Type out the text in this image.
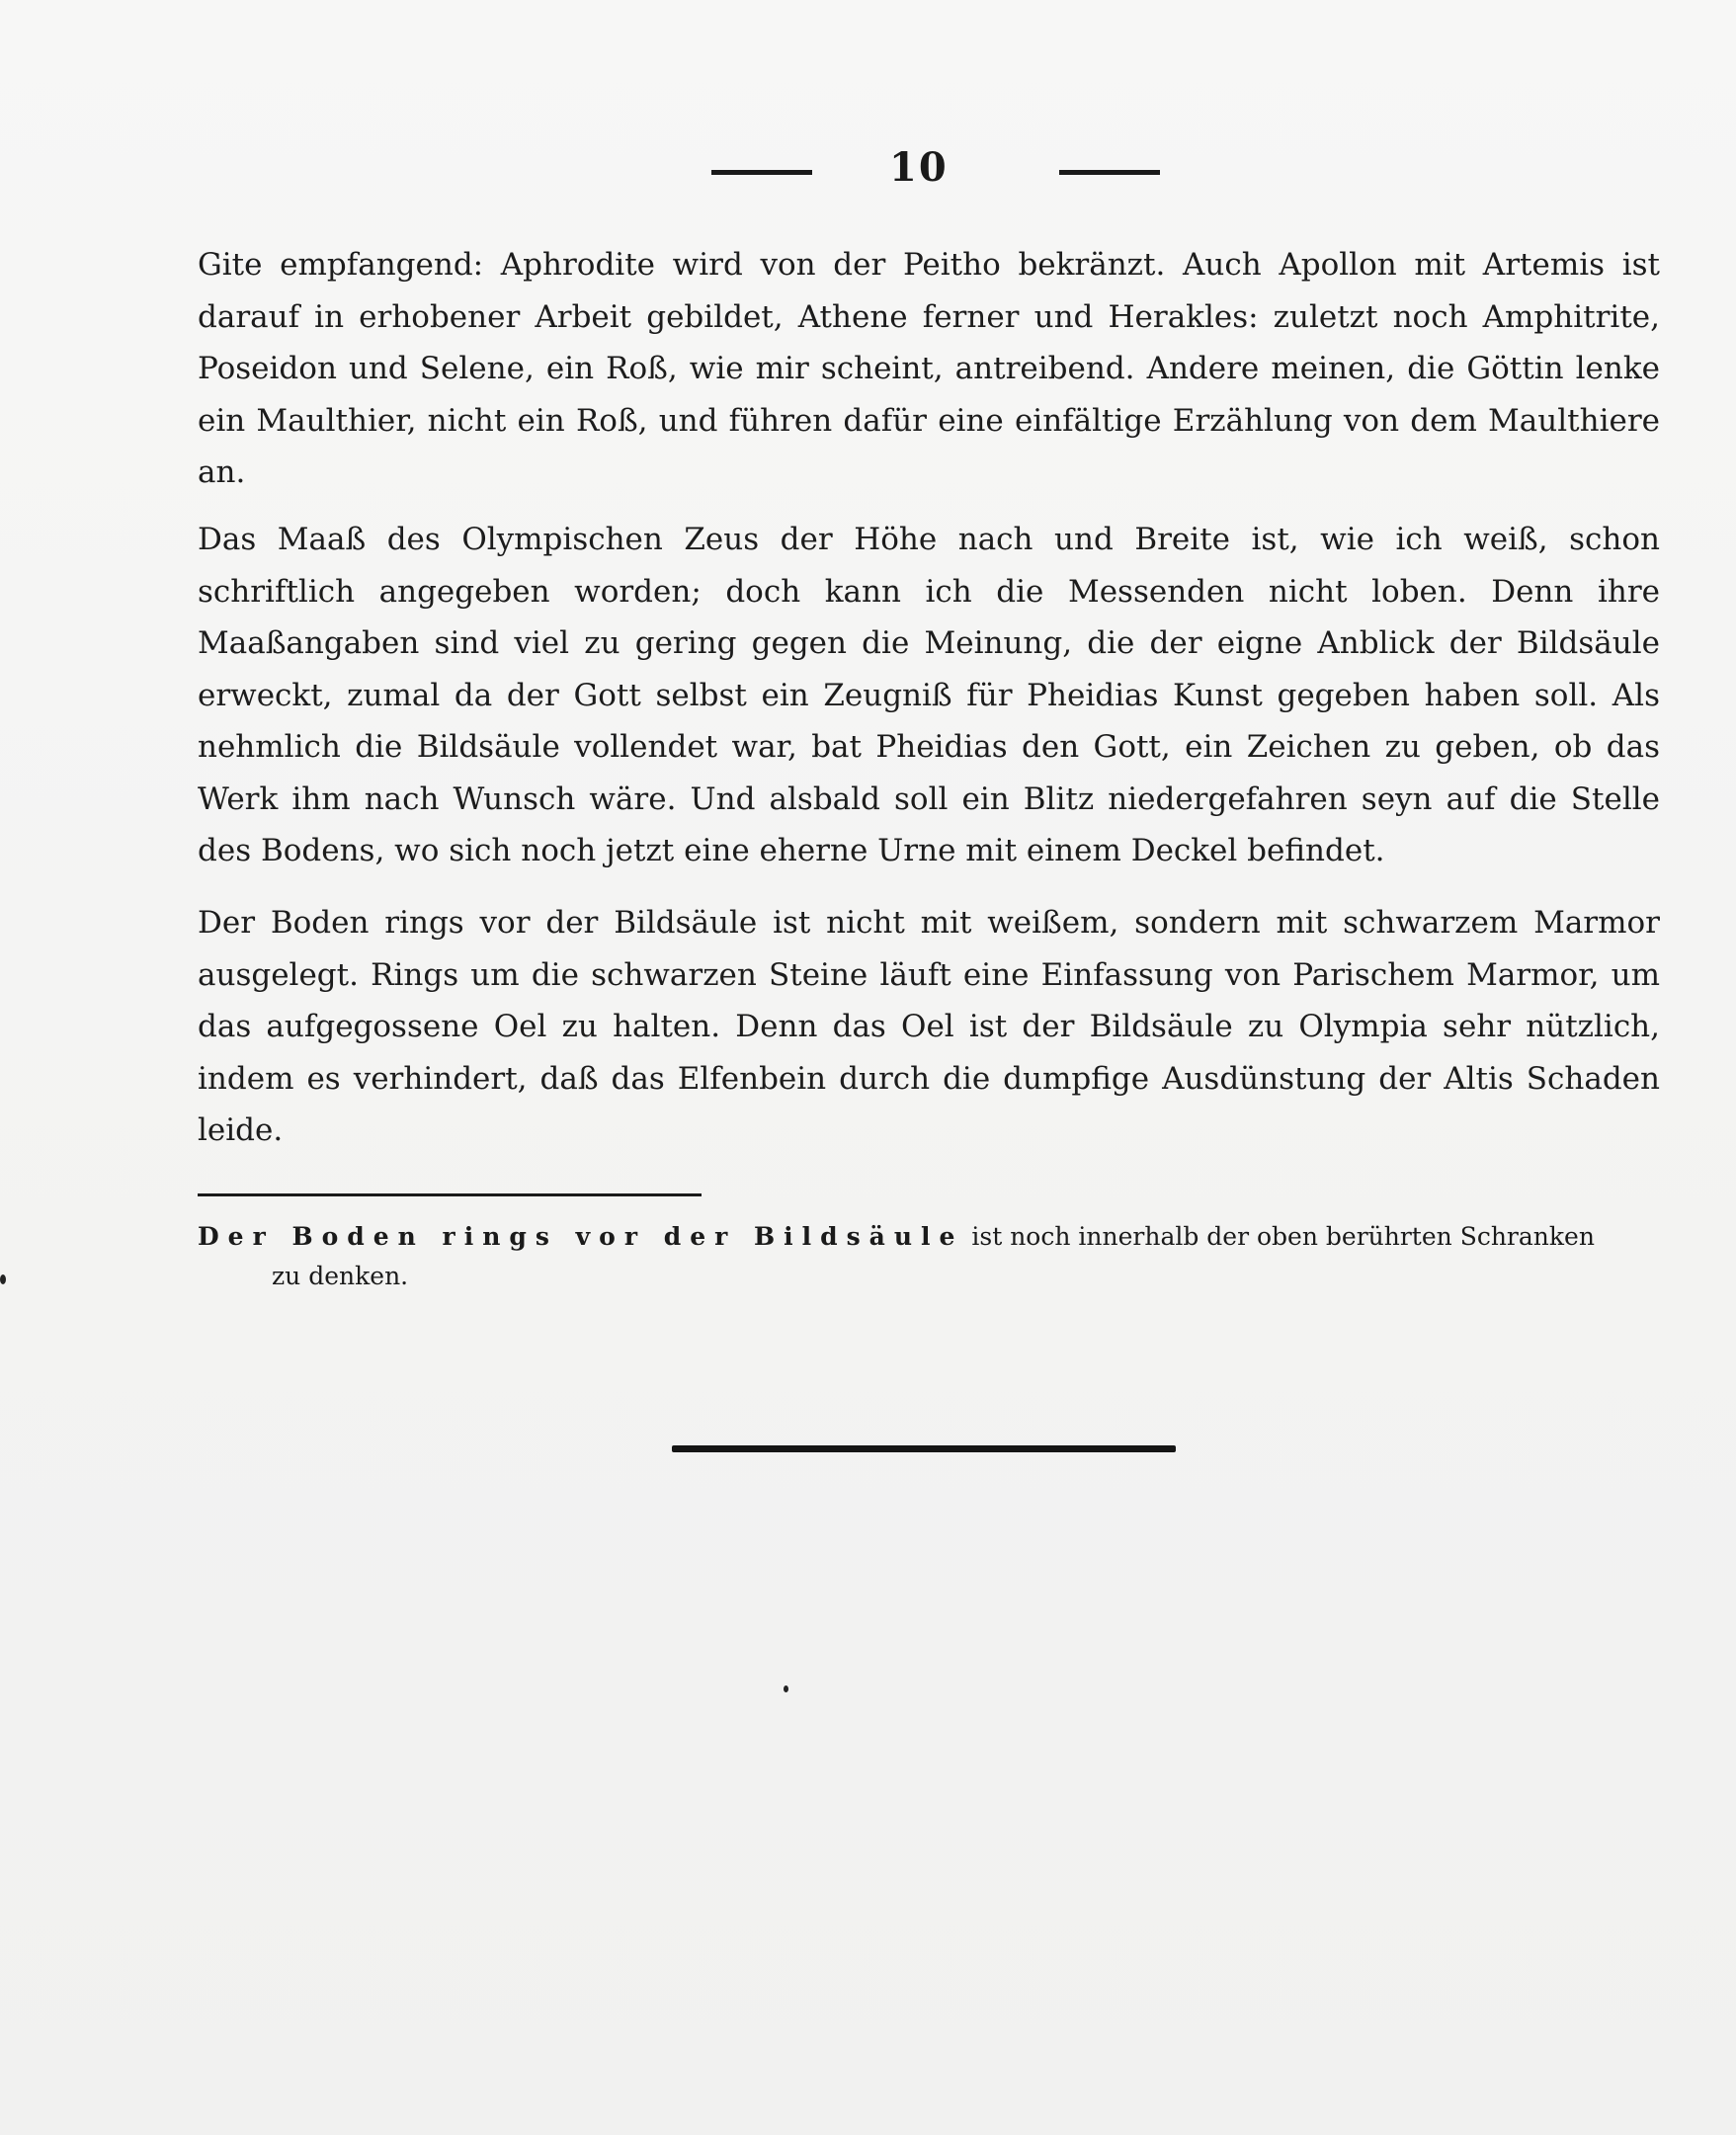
10

Gite empfangend: Aphrodite wird von der Peitho bekränzt. Auch Apollon mit Artemis ist darauf in erhobener Arbeit gebildet, Athene ferner und Herakles: zuletzt noch Amphitrite, Poseidon und Selene, ein Roß, wie mir scheint, antreibend. Andere meinen, die Göttin lenke ein Maulthier, nicht ein Roß, und führen dafür eine einfältige Erzählung von dem Maulthiere an.

Das Maaß des Olympischen Zeus der Höhe nach und Breite ist, wie ich weiß, schon schriftlich angegeben worden; doch kann ich die Messenden nicht loben. Denn ihre Maaßangaben sind viel zu gering gegen die Meinung, die der eigne Anblick der Bildsäule erweckt, zumal da der Gott selbst ein Zeugniß für Pheidias Kunst gegeben haben soll. Als nehmlich die Bildsäule vollendet war, bat Pheidias den Gott, ein Zeichen zu geben, ob das Werk ihm nach Wunsch wäre. Und alsbald soll ein Blitz niedergefahren seyn auf die Stelle des Bodens, wo sich noch jetzt eine eherne Urne mit einem Deckel befindet.

Der Boden rings vor der Bildsäule ist nicht mit weißem, sondern mit schwarzem Marmor ausgelegt. Rings um die schwarzen Steine läuft eine Einfassung von Parischem Marmor, um das aufgegossene Oel zu halten. Denn das Oel ist der Bildsäule zu Olympia sehr nützlich, indem es verhindert, daß das Elfenbein durch die dumpfige Ausdünstung der Altis Schaden leide.

Der Boden rings vor der Bildsäule ist noch innerhalb der oben berührten Schranken
zu denken.
